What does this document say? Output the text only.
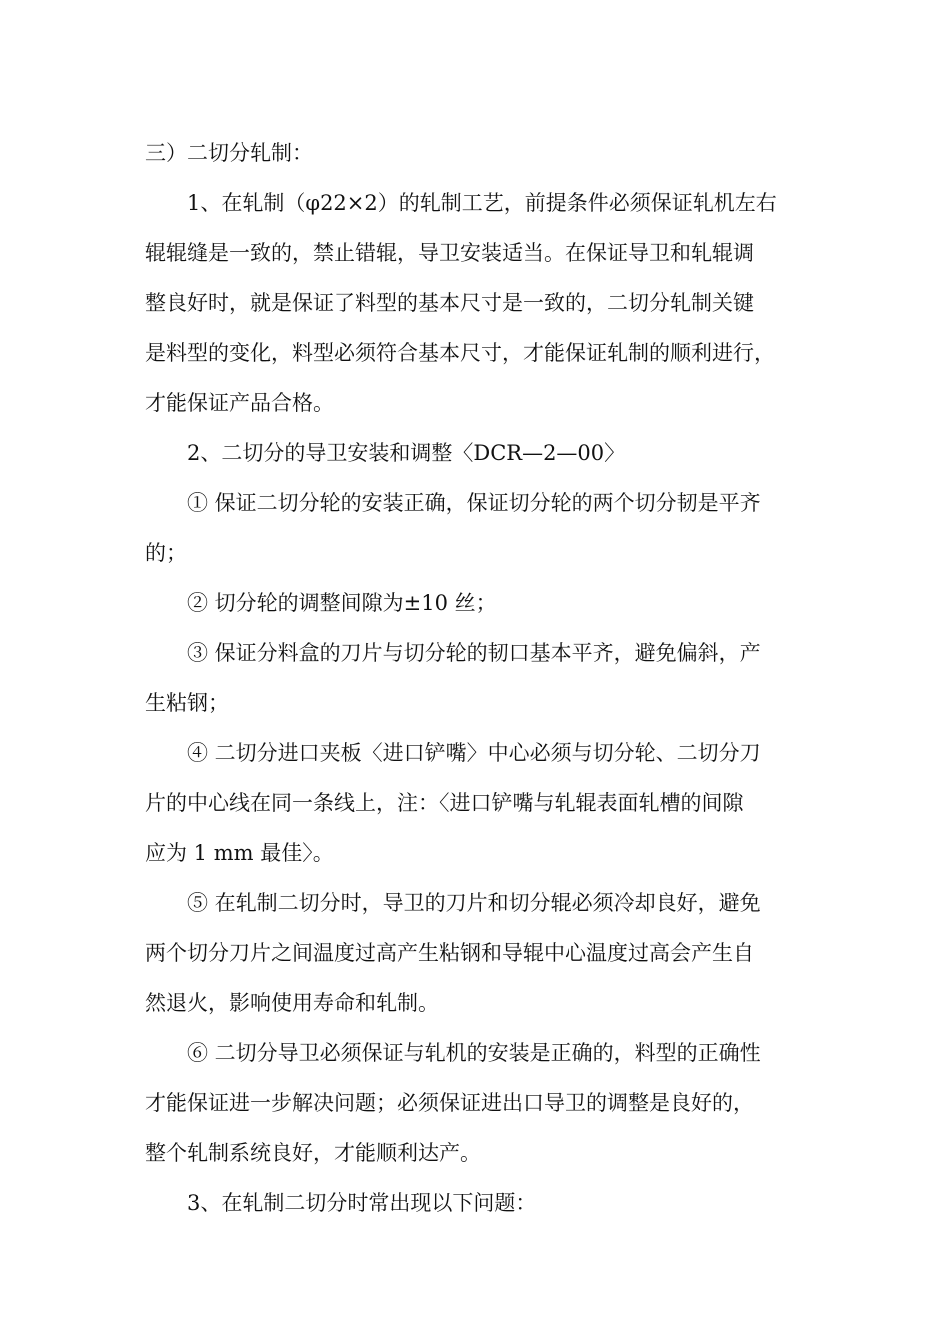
三）二切分轧制：
1、在轧制（φ22×2）的轧制工艺，前提条件必须保证轧机左右
辊辊缝是一致的，禁止错辊，导卫安装适当。在保证导卫和轧辊调
整良好时，就是保证了料型的基本尺寸是一致的，二切分轧制关键
是料型的变化，料型必须符合基本尺寸，才能保证轧制的顺利进行，
才能保证产品合格。
2、二切分的导卫安装和调整〈DCR—2—00〉
① 保证二切分轮的安装正确，保证切分轮的两个切分韧是平齐
的；
② 切分轮的调整间隙为±10 丝；
③ 保证分料盒的刀片与切分轮的韧口基本平齐，避免偏斜，产
生粘钢；
④ 二切分进口夹板〈进口铲嘴〉中心必须与切分轮、二切分刀
片的中心线在同一条线上，注：〈进口铲嘴与轧辊表面轧槽的间隙
应为 1 mm 最佳〉。
⑤ 在轧制二切分时，导卫的刀片和切分辊必须冷却良好，避免
两个切分刀片之间温度过高产生粘钢和导辊中心温度过高会产生自
然退火，影响使用寿命和轧制。
⑥ 二切分导卫必须保证与轧机的安装是正确的，料型的正确性
才能保证进一步解决问题；必须保证进出口导卫的调整是良好的，
整个轧制系统良好，才能顺利达产。
3、在轧制二切分时常出现以下问题：
